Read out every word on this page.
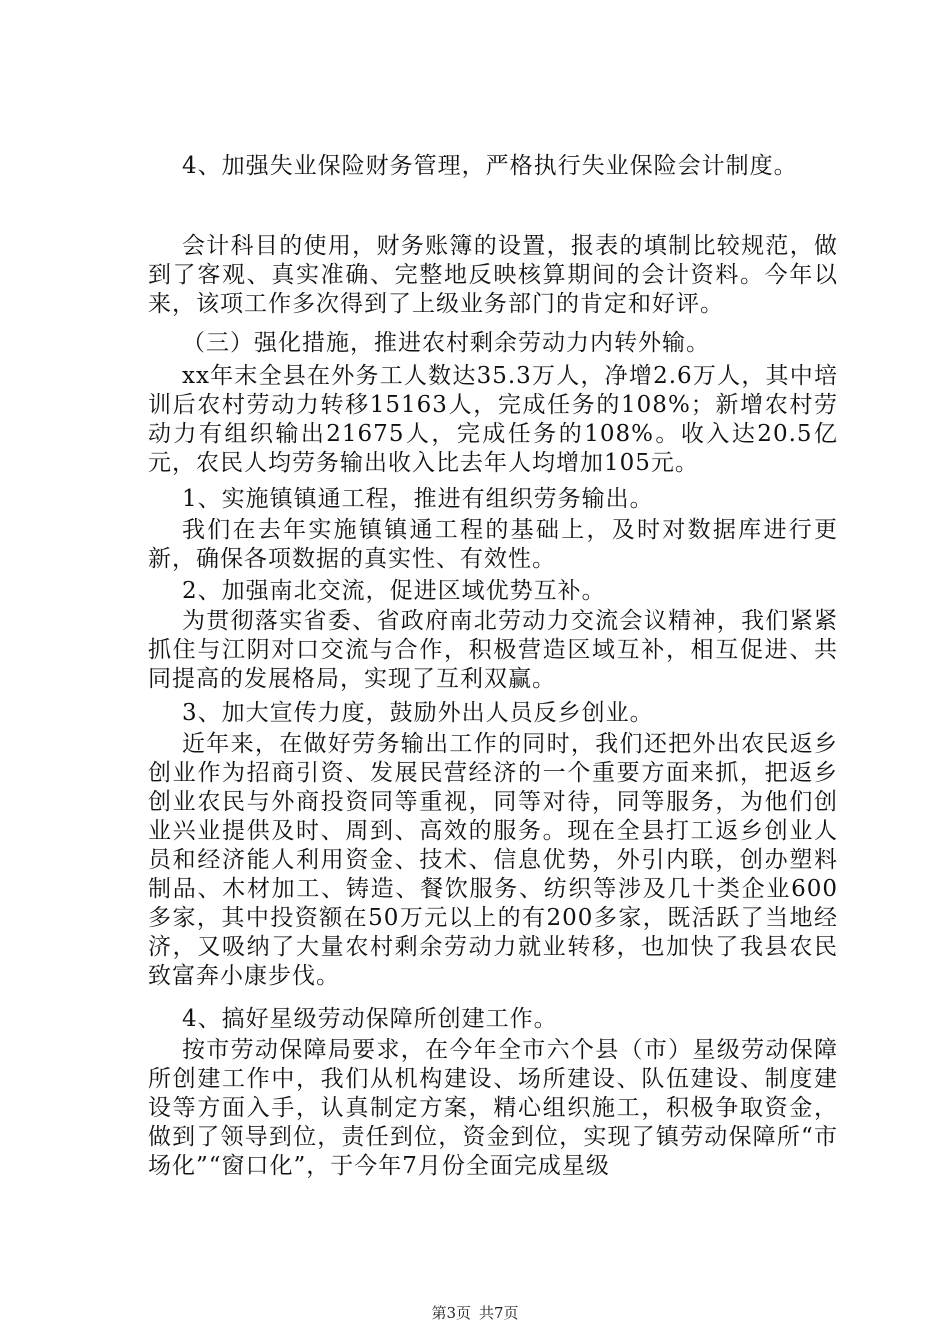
4、加强失业保险财务管理，严格执行失业保险会计制度。

会计科目的使用，财务账簿的设置，报表的填制比较规范，做到了客观、真实准确、完整地反映核算期间的会计资料。今年以来，该项工作多次得到了上级业务部门的肯定和好评。

（三）强化措施，推进农村剩余劳动力内转外输。

xx年末全县在外务工人数达35.3万人，净增2.6万人，其中培训后农村劳动力转移15163人，完成任务的108%；新增农村劳动力有组织输出21675人，完成任务的108%。收入达20.5亿元，农民人均劳务输出收入比去年人均增加105元。

1、实施镇镇通工程，推进有组织劳务输出。

我们在去年实施镇镇通工程的基础上，及时对数据库进行更新，确保各项数据的真实性、有效性。

2、加强南北交流，促进区域优势互补。

为贯彻落实省委、省政府南北劳动力交流会议精神，我们紧紧抓住与江阴对口交流与合作，积极营造区域互补，相互促进、共同提高的发展格局，实现了互利双赢。

3、加大宣传力度，鼓励外出人员反乡创业。

近年来，在做好劳务输出工作的同时，我们还把外出农民返乡创业作为招商引资、发展民营经济的一个重要方面来抓，把返乡创业农民与外商投资同等重视，同等对待，同等服务，为他们创业兴业提供及时、周到、高效的服务。现在全县打工返乡创业人员和经济能人利用资金、技术、信息优势，外引内联，创办塑料制品、木材加工、铸造、餐饮服务、纺织等涉及几十类企业600多家，其中投资额在50万元以上的有200多家，既活跃了当地经济，又吸纳了大量农村剩余劳动力就业转移，也加快了我县农民致富奔小康步伐。

4、搞好星级劳动保障所创建工作。

按市劳动保障局要求，在今年全市六个县（市）星级劳动保障所创建工作中，我们从机构建设、场所建设、队伍建设、制度建设等方面入手，认真制定方案，精心组织施工，积极争取资金，做到了领导到位，责任到位，资金到位，实现了镇劳动保障所“市场化”“窗口化”，于今年7月份全面完成星级

第3页 共7页
